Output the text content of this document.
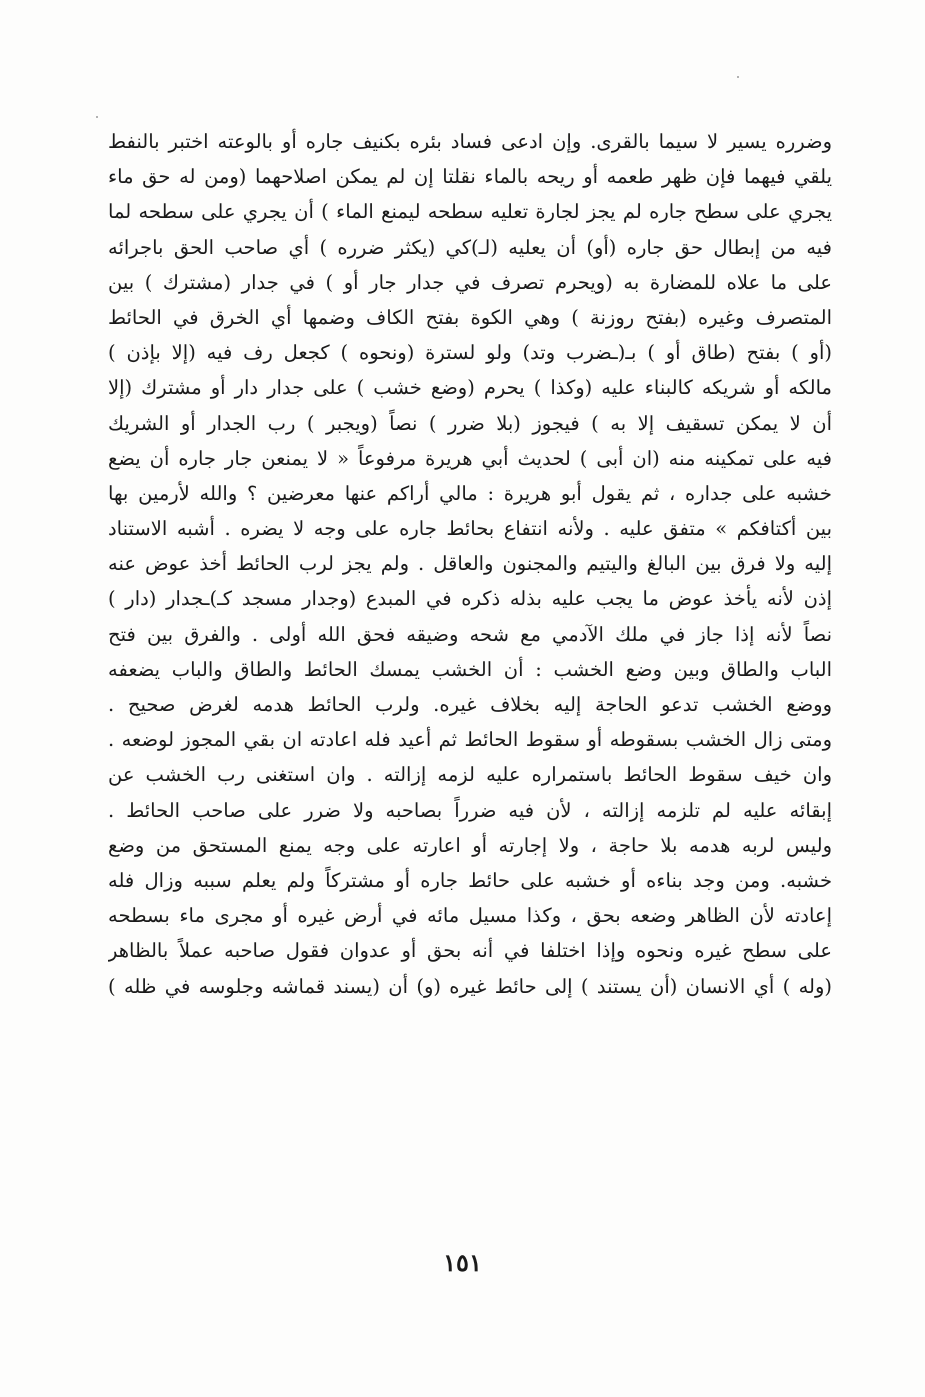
وضرره يسير لا سيما بالقرى. وإن ادعى فساد بئره بكنيف جاره أو بالوعته اختبر بالنفط
يلقي فيهما فإن ظهر طعمه أو ريحه بالماء نقلتا إن لم يمكن اصلاحهما (ومن له حق ماء
يجري على سطح جاره لم يجز لجارة تعليه سطحه ليمنع الماء ) أن يجري على سطحه لما
فيه من إبطال حق جاره (أو) أن يعليه (لـ)كي (يكثر ضرره ) أي صاحب الحق باجرائه
على ما علاه للمضارة به (ويحرم تصرف في جدار جار أو ) في جدار (مشترك ) بين
المتصرف وغيره (بفتح روزنة ) وهي الكوة بفتح الكاف وضمها أي الخرق في الحائط
(أو ) بفتح (طاق أو ) بـ(ـضرب وتد) ولو لسترة (ونحوه ) كجعل رف فيه (إلا بإذن )
مالكه أو شريكه كالبناء عليه (وكذا ) يحرم (وضع خشب ) على جدار دار أو مشترك (إلا
أن لا يمكن تسقيف إلا به ) فيجوز (بلا ضرر ) نصاً (ويجبر ) رب الجدار أو الشريك
فيه على تمكينه منه (ان أبى ) لحديث أبي هريرة مرفوعاً « لا يمنعن جار جاره أن يضع
خشبه على جداره ، ثم يقول أبو هريرة : مالي أراكم عنها معرضين ؟ والله لأرمين بها
بين أكتافكم » متفق عليه . ولأنه انتفاع بحائط جاره على وجه لا يضره . أشبه الاستناد
إليه ولا فرق بين البالغ واليتيم والمجنون والعاقل . ولم يجز لرب الحائط أخذ عوض عنه
إذن لأنه يأخذ عوض ما يجب عليه بذله ذكره في المبدع (وجدار مسجد كـ)ـجدار (دار )
نصاً لأنه إذا جاز في ملك الآدمي مع شحه وضيقه فحق الله أولى . والفرق بين فتح
الباب والطاق وبين وضع الخشب : أن الخشب يمسك الحائط والطاق والباب يضعفه
ووضع الخشب تدعو الحاجة إليه بخلاف غيره. ولرب الحائط هدمه لغرض صحيح .
ومتى زال الخشب بسقوطه أو سقوط الحائط ثم أعيد فله اعادته ان بقي المجوز لوضعه .
وان خيف سقوط الحائط باستمراره عليه لزمه إزالته . وان استغنى رب الخشب عن
إبقائه عليه لم تلزمه إزالته ، لأن فيه ضرراً بصاحبه ولا ضرر على صاحب الحائط .
وليس لربه هدمه بلا حاجة ، ولا إجارته أو اعارته على وجه يمنع المستحق من وضع
خشبه. ومن وجد بناءه أو خشبه على حائط جاره أو مشتركاً ولم يعلم سببه وزال فله
إعادته لأن الظاهر وضعه بحق ، وكذا مسيل مائه في أرض غيره أو مجرى ماء بسطحه
على سطح غيره ونحوه وإذا اختلفا في أنه بحق أو عدوان فقول صاحبه عملاً بالظاهر
(وله ) أي الانسان (أن يستند ) إلى حائط غيره (و) أن (يسند قماشه وجلوسه في ظله )
١٥١
